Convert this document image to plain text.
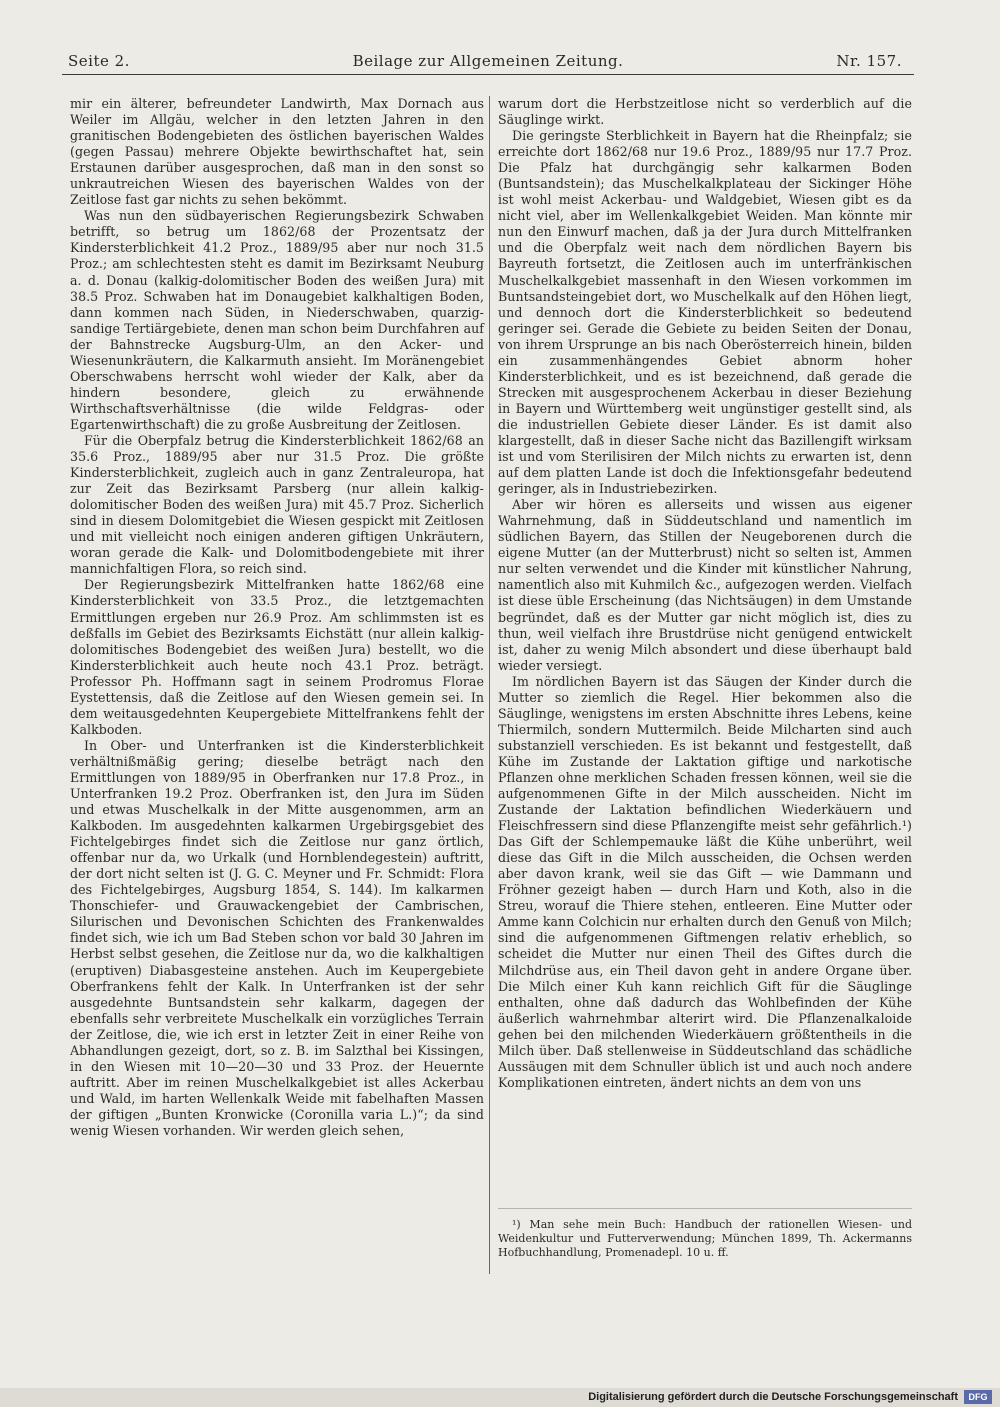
Seite 2.	Beilage zur Allgemeinen Zeitung.	Nr. 157.

mir ein älterer, befreundeter Landwirth, Max Dornach aus Weiler im Allgäu, welcher in den letzten Jahren in den granitischen Bodengebieten des östlichen bayerischen Waldes (gegen Passau) mehrere Objekte bewirthschaftet hat, sein Erstaunen darüber ausgesprochen, daß man in den sonst so unkrautreichen Wiesen des bayerischen Waldes von der Zeitlose fast gar nichts zu sehen bekömmt.

Was nun den südbayerischen Regierungsbezirk Schwaben betrifft, so betrug um 1862/68 der Prozentsatz der Kindersterblichkeit 41.2 Proz., 1889/95 aber nur noch 31.5 Proz.; am schlechtesten steht es damit im Bezirksamt Neuburg a. d. Donau (kalkig-dolomitischer Boden des weißen Jura) mit 38.5 Proz. Schwaben hat im Donaugebiet kalkhaltigen Boden, dann kommen nach Süden, in Niederschwaben, quarzig-sandige Tertiärgebiete, denen man schon beim Durchfahren auf der Bahnstrecke Augsburg-Ulm, an den Acker- und Wiesenunkräutern, die Kalkarmuth ansieht. Im Moränengebiet Oberschwabens herrscht wohl wieder der Kalk, aber da hindern besondere, gleich zu erwähnende Wirthschaftsverhältnisse (die wilde Feldgras- oder Egartenwirthschaft) die zu große Ausbreitung der Zeitlosen.

Für die Oberpfalz betrug die Kindersterblichkeit 1862/68 an 35.6 Proz., 1889/95 aber nur 31.5 Proz. Die größte Kindersterblichkeit, zugleich auch in ganz Zentraleuropa, hat zur Zeit das Bezirksamt Parsberg (nur allein kalkig-dolomitischer Boden des weißen Jura) mit 45.7 Proz. Sicherlich sind in diesem Dolomitgebiet die Wiesen gespickt mit Zeitlosen und mit vielleicht noch einigen anderen giftigen Unkräutern, woran gerade die Kalk- und Dolomitbodengebiete mit ihrer mannichfaltigen Flora, so reich sind.

Der Regierungsbezirk Mittelfranken hatte 1862/68 eine Kindersterblichkeit von 33.5 Proz., die letztgemachten Ermittlungen ergeben nur 26.9 Proz. Am schlimmsten ist es deßfalls im Gebiet des Bezirksamts Eichstätt (nur allein kalkig-dolomitisches Bodengebiet des weißen Jura) bestellt, wo die Kindersterblichkeit auch heute noch 43.1 Proz. beträgt. Professor Ph. Hoffmann sagt in seinem Prodromus Florae Eystettensis, daß die Zeitlose auf den Wiesen gemein sei. In dem weitausgedehnten Keupergebiete Mittelfrankens fehlt der Kalkboden.

In Ober- und Unterfranken ist die Kindersterblichkeit verhältnißmäßig gering; dieselbe beträgt nach den Ermittlungen von 1889/95 in Oberfranken nur 17.8 Proz., in Unterfranken 19.2 Proz. Oberfranken ist, den Jura im Süden und etwas Muschelkalk in der Mitte ausgenommen, arm an Kalkboden. Im ausgedehnten kalkarmen Urgebirgsgebiet des Fichtelgebirges findet sich die Zeitlose nur ganz örtlich, offenbar nur da, wo Urkalk (und Hornblendegestein) auftritt, der dort nicht selten ist (J. G. C. Meyner und Fr. Schmidt: Flora des Fichtelgebirges, Augsburg 1854, S. 144). Im kalkarmen Thonschiefer- und Grauwackengebiet der Cambrischen, Silurischen und Devonischen Schichten des Frankenwaldes findet sich, wie ich um Bad Steben schon vor bald 30 Jahren im Herbst selbst gesehen, die Zeitlose nur da, wo die kalkhaltigen (eruptiven) Diabasgesteine anstehen. Auch im Keupergebiete Oberfrankens fehlt der Kalk. In Unterfranken ist der sehr ausgedehnte Buntsandstein sehr kalkarm, dagegen der ebenfalls sehr verbreitete Muschelkalk ein vorzügliches Terrain der Zeitlose, die, wie ich erst in letzter Zeit in einer Reihe von Abhandlungen gezeigt, dort, so z. B. im Salzthal bei Kissingen, in den Wiesen mit 10—20—30 und 33 Proz. der Heuernte auftritt. Aber im reinen Muschelkalkgebiet ist alles Ackerbau und Wald, im harten Wellenkalk Weide mit fabelhaften Massen der giftigen „Bunten Kronwicke (Coronilla varia L.)“; da sind wenig Wiesen vorhanden. Wir werden gleich sehen,

warum dort die Herbstzeitlose nicht so verderblich auf die Säuglinge wirkt.

Die geringste Sterblichkeit in Bayern hat die Rheinpfalz; sie erreichte dort 1862/68 nur 19.6 Proz., 1889/95 nur 17.7 Proz. Die Pfalz hat durchgängig sehr kalkarmen Boden (Buntsandstein); das Muschelkalkplateau der Sickinger Höhe ist wohl meist Ackerbau- und Waldgebiet, Wiesen gibt es da nicht viel, aber im Wellenkalkgebiet Weiden. Man könnte mir nun den Einwurf machen, daß ja der Jura durch Mittelfranken und die Oberpfalz weit nach dem nördlichen Bayern bis Bayreuth fortsetzt, die Zeitlosen auch im unterfränkischen Muschelkalkgebiet massenhaft in den Wiesen vorkommen im Buntsandsteingebiet dort, wo Muschelkalk auf den Höhen liegt, und dennoch dort die Kindersterblichkeit so bedeutend geringer sei. Gerade die Gebiete zu beiden Seiten der Donau, von ihrem Ursprunge an bis nach Oberösterreich hinein, bilden ein zusammenhängendes Gebiet abnorm hoher Kindersterblichkeit, und es ist bezeichnend, daß gerade die Strecken mit ausgesprochenem Ackerbau in dieser Beziehung in Bayern und Württemberg weit ungünstiger gestellt sind, als die industriellen Gebiete dieser Länder. Es ist damit also klargestellt, daß in dieser Sache nicht das Bazillengift wirksam ist und vom Sterilisiren der Milch nichts zu erwarten ist, denn auf dem platten Lande ist doch die Infektionsgefahr bedeutend geringer, als in Industriebezirken.

Aber wir hören es allerseits und wissen aus eigener Wahrnehmung, daß in Süddeutschland und namentlich im südlichen Bayern, das Stillen der Neugeborenen durch die eigene Mutter (an der Mutterbrust) nicht so selten ist, Ammen nur selten verwendet und die Kinder mit künstlicher Nahrung, namentlich also mit Kuhmilch &c., aufgezogen werden. Vielfach ist diese üble Erscheinung (das Nichtsäugen) in dem Umstande begründet, daß es der Mutter gar nicht möglich ist, dies zu thun, weil vielfach ihre Brustdrüse nicht genügend entwickelt ist, daher zu wenig Milch absondert und diese überhaupt bald wieder versiegt.

Im nördlichen Bayern ist das Säugen der Kinder durch die Mutter so ziemlich die Regel. Hier bekommen also die Säuglinge, wenigstens im ersten Abschnitte ihres Lebens, keine Thiermilch, sondern Muttermilch. Beide Milcharten sind auch substanziell verschieden. Es ist bekannt und festgestellt, daß Kühe im Zustande der Laktation giftige und narkotische Pflanzen ohne merklichen Schaden fressen können, weil sie die aufgenommenen Gifte in der Milch ausscheiden. Nicht im Zustande der Laktation befindlichen Wiederkäuern und Fleischfressern sind diese Pflanzengifte meist sehr gefährlich.¹) Das Gift der Schlempemauke läßt die Kühe unberührt, weil diese das Gift in die Milch ausscheiden, die Ochsen werden aber davon krank, weil sie das Gift — wie Dammann und Fröhner gezeigt haben — durch Harn und Koth, also in die Streu, worauf die Thiere stehen, entleeren. Eine Mutter oder Amme kann Colchicin nur erhalten durch den Genuß von Milch; sind die aufgenommenen Giftmengen relativ erheblich, so scheidet die Mutter nur einen Theil des Giftes durch die Milchdrüse aus, ein Theil davon geht in andere Organe über. Die Milch einer Kuh kann reichlich Gift für die Säuglinge enthalten, ohne daß dadurch das Wohlbefinden der Kühe äußerlich wahrnehmbar alterirt wird. Die Pflanzenalkaloide gehen bei den milchenden Wiederkäuern größtentheils in die Milch über. Daß stellenweise in Süddeutschland das schädliche Aussäugen mit dem Schnuller üblich ist und auch noch andere Komplikationen eintreten, ändert nichts an dem von uns

¹) Man sehe mein Buch: Handbuch der rationellen Wiesen- und Weidenkultur und Futterverwendung; München 1899, Th. Ackermanns Hofbuchhandlung, Promenadepl. 10 u. ff.
Digitalisierung gefördert durch die Deutsche Forschungsgemeinschaft	DFG
